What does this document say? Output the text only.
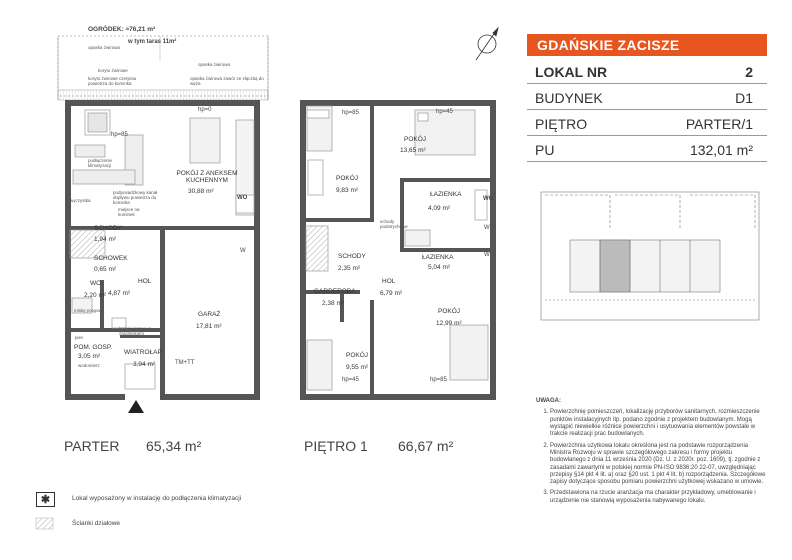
OGRÓDEK: ≈76,21 m²
w tym taras 11m²
opaska żwirowa
opaska żwirowa
koryto żwirowe
koryto żwirowe czerpnia powietrza do kominka
opaska żwirowa zawór ze złączką do węża
hp=85
hp=0
podłączenie klimatyzacji
POKÓJ Z ANEKSEM KUCHENNYM
30,88 m²
podposadzkowy kanał dopływu powietrza do kominka
miejsce na kominek
wyczystka	WO
W
SCHODY
1,94 m²
SCHOWEK
0,65 m²
WC
2,20 m²
HOL
4,87 m²
miskę progową
GARAŻ
17,81 m²
kocioł gazowy z zasobnikiem
piec
POM. GOSP.
3,05 m²
wodomierz
WIATROŁAP
3,94 m²	TM+TT
hp=85	hp=45
POKÓJ
13,65 m²
POKÓJ
9,83 m²
ŁAZIENKA
4,09 m²
schody podstrychowe
WO
W
ŁAZIENKA
5,04 m²
W
SCHODY
2,35 m²
HOL
6,79 m²
GARDEROBA
2,38 m²
POKÓJ
12,99 m²
POKÓJ
9,55 m²
hp=45	hp=85
PARTER 65,34 m²	PIĘTRO 1 66,67 m²
GDAŃSKIE ZACISZE
LOKAL NR	2
BUDYNEK	D1
PIĘTRO	PARTER/1
PU	132,01 m²
UWAGA:
1. Powierzchnię pomieszczeń, lokalizację przyborów sanitarnych, rozmieszczenie punktów instalacyjnych itp. podano zgodnie z projektem budowlanym. Mogą wystąpić niewielkie różnice powierzchni i usytuowania elementów powstałe w trakcie realizacji prac budowlanych.
2. Powierzchnia użytkowa lokalu określona jest na podstawie rozporządzenia Ministra Rozwoju w sprawie szczegółowego zakresu i formy projektu budowlanego z dnia 11 września 2020 (Dz. U. z 2020r. poz. 1609), tj. zgodnie z zasadami zawartymi w polskiej normie PN-ISO 9836:20 22-07, uwzględniając przepisy §14 pkt 4 lit. a) oraz §20 ust. 1 pkt 4 lit. b) rozporządzenia. Szczegółowe zapisy dotyczące sposobu pomiaru powierzchni użytkowej wskazano w umowie.
3. Przedstawiona na rzucie aranżacja ma charakter przykładowy, umeblowanie i urządzenie nie stanowią wyposażenia nabywanego lokalu.
✱	Lokal wyposażony w instalację do podłączenia klimatyzacji
Ścianki działowe
